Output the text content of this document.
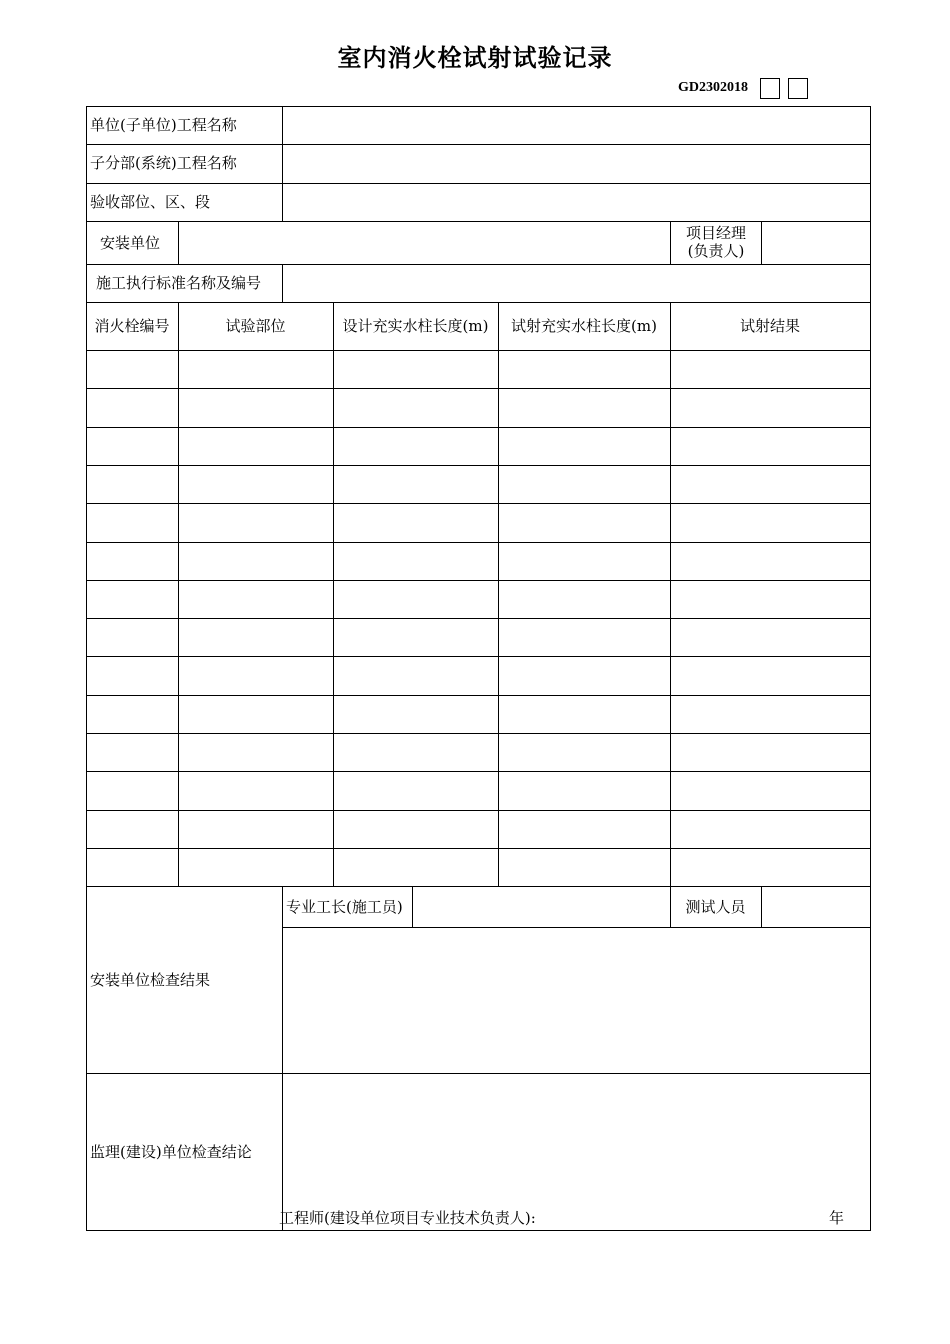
室内消火栓试射试验记录
GD2302018
单位(子单位)工程名称
子分部(系统)工程名称
验收部位、区、段
安装单位
项目经理
(负责人)
施工执行标准名称及编号
消火栓编号	试验部位	设计充实水柱长度(m)	试射充实水柱长度(m)	试射结果
专业工长(施工员)	测试人员
安装单位检查结果
监理(建设)单位检查结论
工程师(建设单位项目专业技术负责人):	年
